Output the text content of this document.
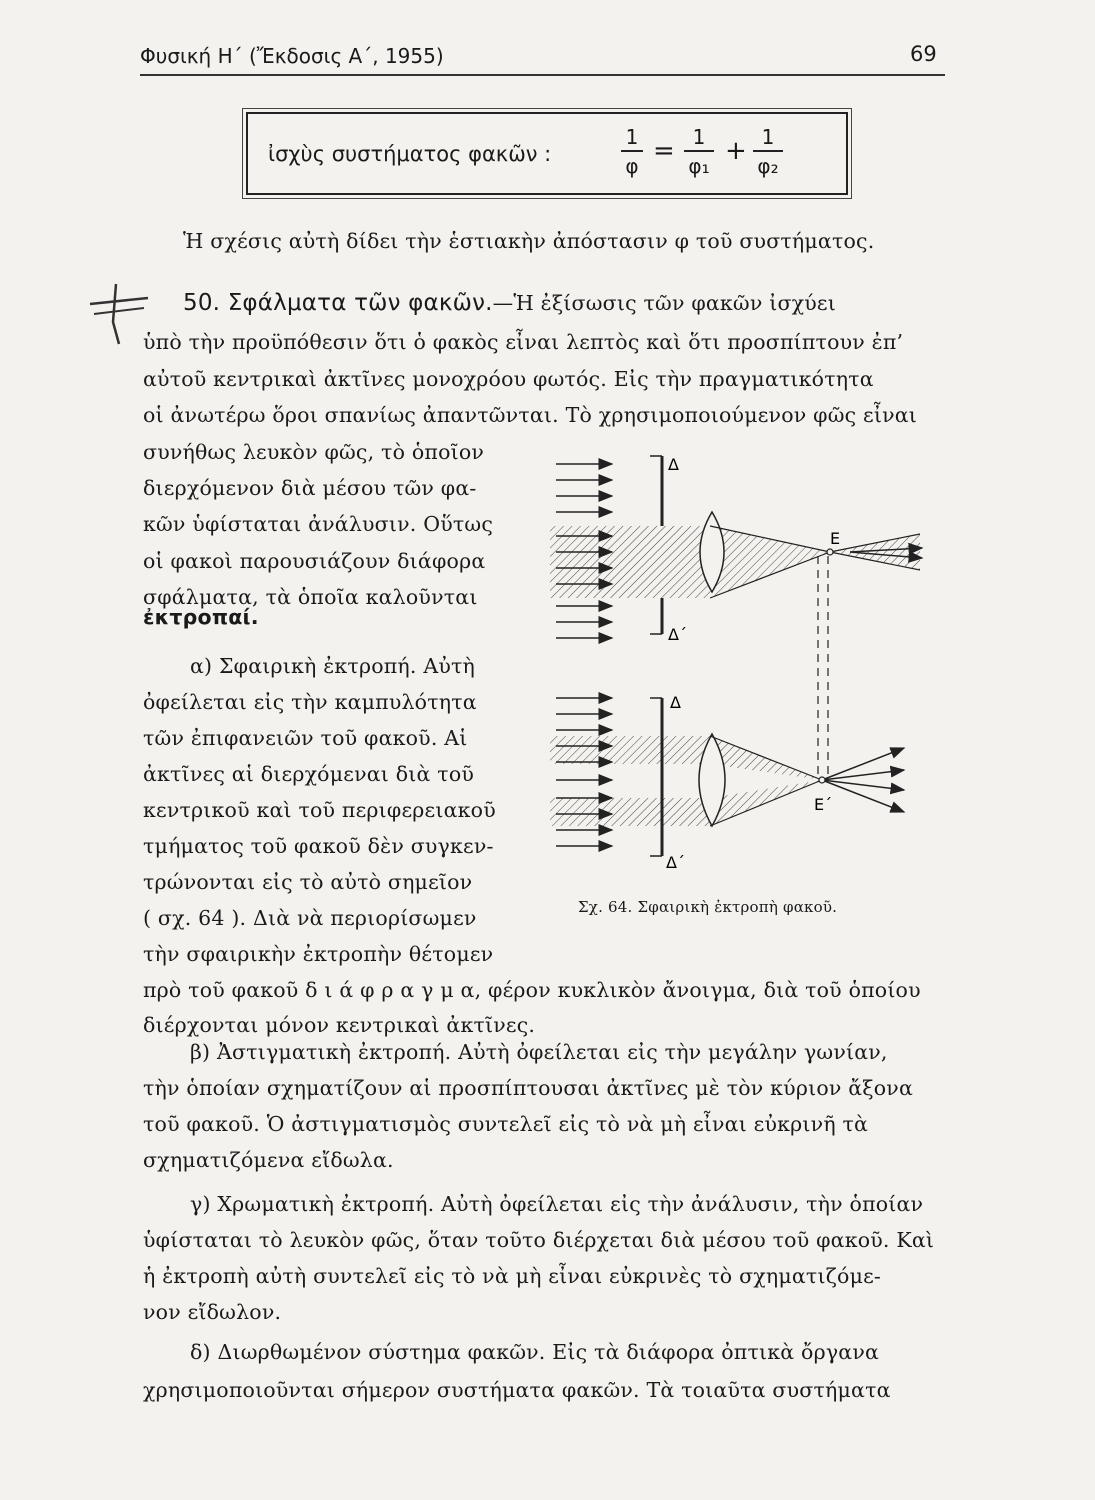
Φυσική Η΄ (Ἔκδοσις Α΄, 1955)	69
ἰσχὺς συστήματος φακῶν :
1
φ = 1
φ₁ + 1
φ₂
Ἡ σχέσις αὐτὴ δίδει τὴν ἑστιακὴν ἀπόστασιν φ τοῦ συστήματος.
50. Σφάλματα τῶν φακῶν.—Ἡ ἐξίσωσις τῶν φακῶν ἰσχύει
ὑπὸ τὴν προϋπόθεσιν ὅτι ὁ φακὸς εἶναι λεπτὸς καὶ ὅτι προσπίπτουν ἐπ’
αὐτοῦ κεντρικαὶ ἀκτῖνες μονοχρόου φωτός. Εἰς τὴν πραγματικότητα
οἱ ἀνωτέρω ὅροι σπανίως ἀπαντῶνται. Τὸ χρησιμοποιούμενον φῶς εἶναι
συνήθως λευκὸν φῶς, τὸ ὁποῖον
διερχόμενον διὰ μέσου τῶν φα-
κῶν ὑφίσταται ἀνάλυσιν. Οὕτως
οἱ φακοὶ παρουσιάζουν διάφορα
σφάλματα, τὰ ὁποῖα καλοῦνται
ἐκτροπαί.
α) Σφαιρικὴ ἐκτροπή. Αὐτὴ
ὀφείλεται εἰς τὴν καμπυλότητα
τῶν ἐπιφανειῶν τοῦ φακοῦ. Αἱ
ἀκτῖνες αἱ διερχόμεναι διὰ τοῦ
κεντρικοῦ καὶ τοῦ περιφερειακοῦ
τμήματος τοῦ φακοῦ δὲν συγκεν-
τρώνονται εἰς τὸ αὐτὸ σημεῖον
( σχ. 64 ). Διὰ νὰ περιορίσωμεν
τὴν σφαιρικὴν ἐκτροπὴν θέτομεν
πρὸ τοῦ φακοῦ δ ι ά φ ρ α γ μ α, φέρον κυκλικὸν ἄνοιγμα, διὰ τοῦ ὁποίου
διέρχονται μόνον κεντρικαὶ ἀκτῖνες.
Δ
Δ΄
Ε
Δ
Δ΄
Ε΄
Σχ. 64. Σφαιρικὴ ἐκτροπὴ φακοῦ.
β) Ἀστιγματικὴ ἐκτροπή. Αὐτὴ ὀφείλεται εἰς τὴν μεγάλην γωνίαν,
τὴν ὁποίαν σχηματίζουν αἱ προσπίπτουσαι ἀκτῖνες μὲ τὸν κύριον ἄξονα
τοῦ φακοῦ. Ὁ ἀστιγματισμὸς συντελεῖ εἰς τὸ νὰ μὴ εἶναι εὐκρινῆ τὰ
σχηματιζόμενα εἴδωλα.
γ) Χρωματικὴ ἐκτροπή. Αὐτὴ ὀφείλεται εἰς τὴν ἀνάλυσιν, τὴν ὁποίαν
ὑφίσταται τὸ λευκὸν φῶς, ὅταν τοῦτο διέρχεται διὰ μέσου τοῦ φακοῦ. Καὶ
ἡ ἐκτροπὴ αὐτὴ συντελεῖ εἰς τὸ νὰ μὴ εἶναι εὐκρινὲς τὸ σχηματιζόμε-
νον εἴδωλον.
δ) Διωρθωμένον σύστημα φακῶν. Εἰς τὰ διάφορα ὀπτικὰ ὄργανα
χρησιμοποιοῦνται σήμερον συστήματα φακῶν. Τὰ τοιαῦτα συστήματα
